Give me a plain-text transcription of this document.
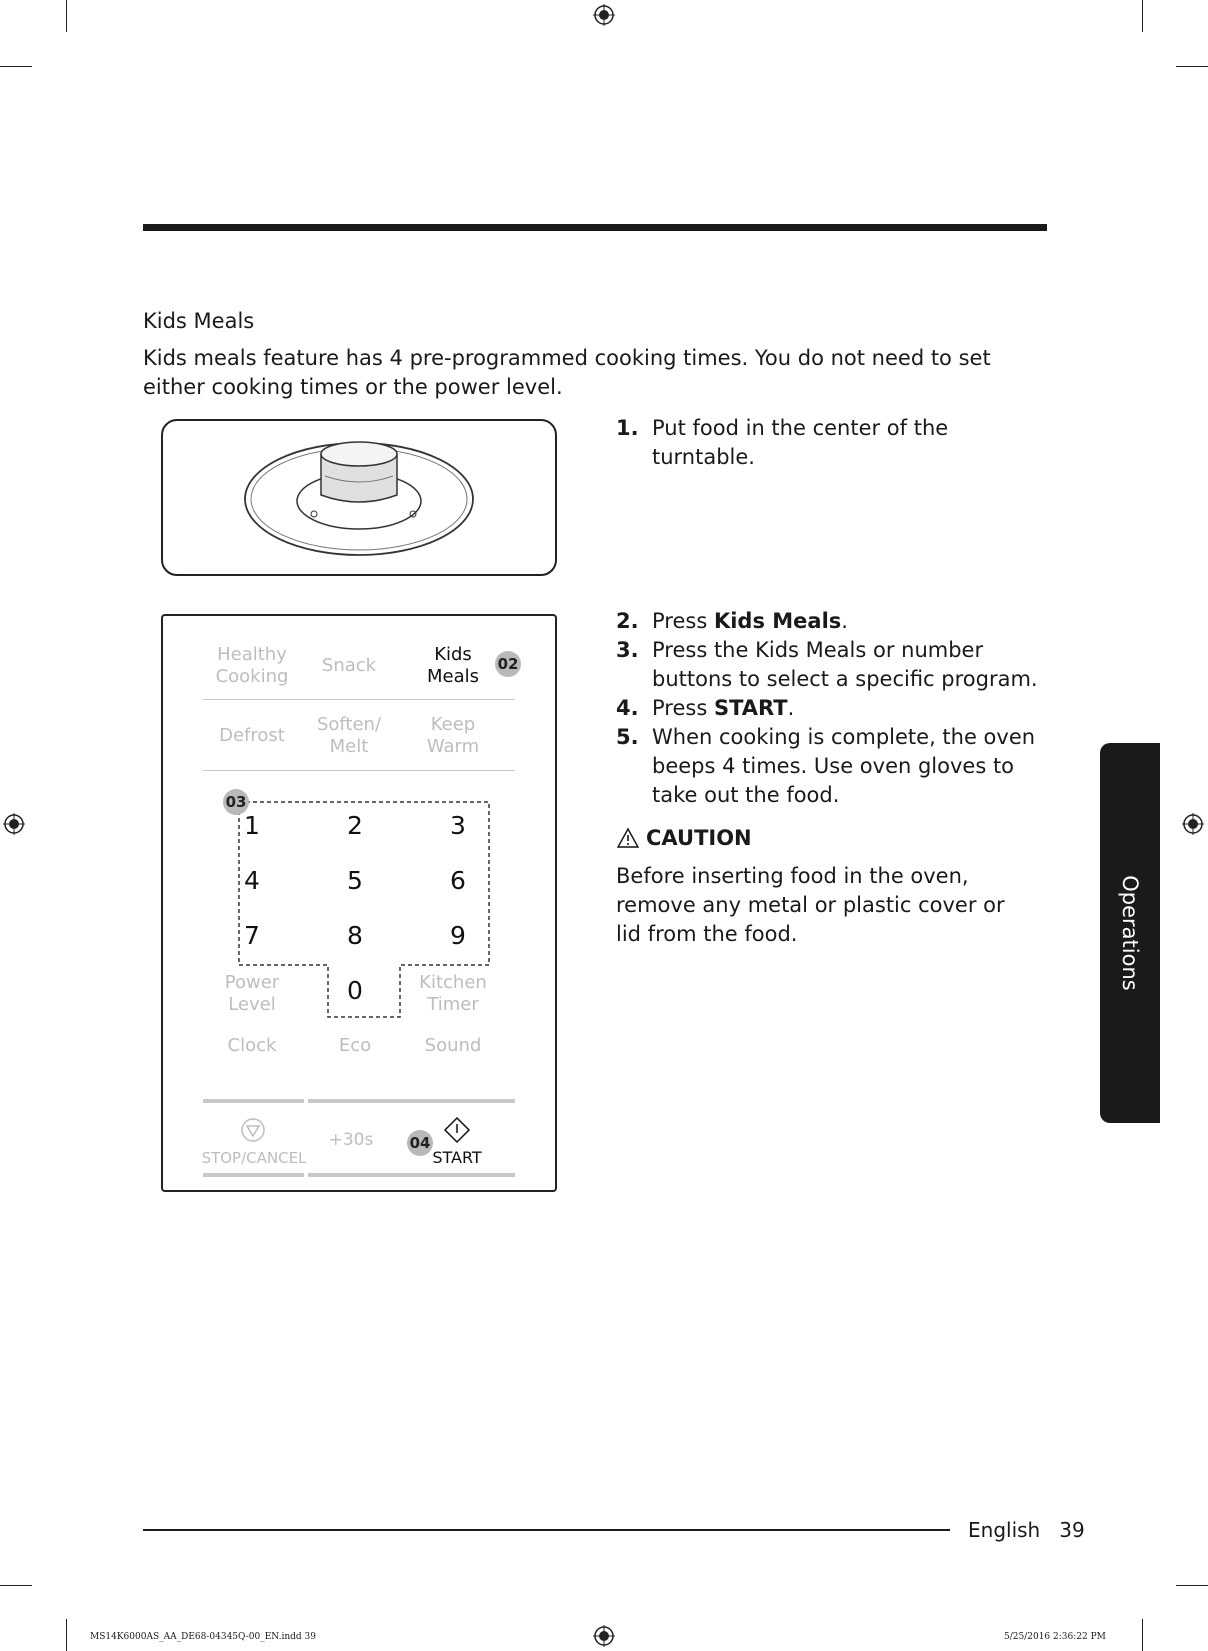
Kids Meals
Kids meals feature has 4 pre-programmed cooking times. You do not need to set either cooking times or the power level.
Healthy
Cooking
Snack
Kids
Meals
02
Defrost
Soften/
Melt
Keep
Warm
03
1	2	3
4	5	6
7	8	9
0
Power
Level
Kitchen
Timer
Clock	Eco	Sound
STOP/CANCEL
+30s	04
START
1. Put food in the center of the turntable.
2. Press Kids Meals.
3. Press the Kids Meals or number buttons to select a specific program.
4. Press START.
5. When cooking is complete, the oven beeps 4 times. Use oven gloves to take out the food.
CAUTION
Before inserting food in the oven, remove any metal or plastic cover or lid from the food.	Operations
English 39
MS14K6000AS_AA_DE68-04345Q-00_EN.indd 39	5/25/2016 2:36:22 PM
